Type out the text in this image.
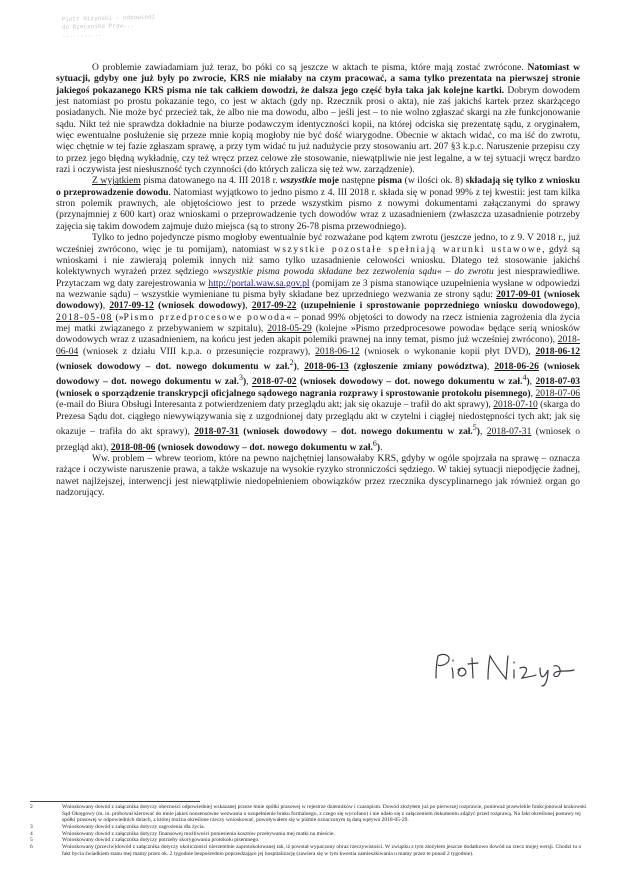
Piotr Niżyński – odpowiedź
do Rzecznika Praw...
...........

O problemie zawiadamiam już teraz, bo póki co są jeszcze w aktach te pisma, które mają zostać zwrócone. Natomiast w sytuacji, gdyby one już były po zwrocie, KRS nie miałaby na czym pracować, a sama tylko prezentata na pierwszej stronie jakiegoś pokazanego KRS pisma nie tak całkiem dowodzi, że dalsza jego część była taka jak kolejne kartki. Dobrym dowodem jest natomiast po prostu pokazanie tego, co jest w aktach (gdy np. Rzecznik prosi o akta), nie zaś jakichś kartek przez skarżącego posiadanych. Nie może być przecież tak, że albo nie ma dowodu, albo – jeśli jest – to nie wolno zgłaszać skargi na złe funkcjonowanie sądu. Nikt też nie sprawdza dokładnie na biurze podawczym identyczności kopii, na której odciska się prezentatę sądu, z oryginałem, więc ewentualne posłużenie się przeze mnie kopią mogłoby nie być dość wiarygodne. Obecnie w aktach widać, co ma iść do zwrotu, więc chętnie w tej fazie zgłaszam sprawę, a przy tym widać tu już nadużycie przy stosowaniu art. 207 §3 k.p.c. Naruszenie przepisu czy to przez jego błędną wykładnię, czy też wręcz przez celowe złe stosowanie, niewątpliwie nie jest legalne, a w tej sytuacji wręcz bardzo razi i oczywista jest niesłuszność tych czynności (do których zalicza się też ww. zarządzenie).

Z wyjątkiem pisma datowanego na 4. III 2018 r. wszystkie moje następne pisma (w ilości ok. 8) składają się tylko z wniosku o przeprowadzenie dowodu. Natomiast wyjątkowo to jedno pismo z 4. III 2018 r. składa się w ponad 99% z tej kwestii: jest tam kilka stron polemik prawnych, ale objętościowo jest to przede wszystkim pismo z nowymi dokumentami załączanymi do sprawy (przynajmniej z 600 kart) oraz wnioskami o przeprowadzenie tych dowodów wraz z uzasadnieniem (zwłaszcza uzasadnienie potrzeby zajęcia się takim dowodem zajmuje dużo miejsca (są to strony 26-78 pisma przewodniego).

Tylko to jedno pojedyncze pismo mogłoby ewentualnie być rozważane pod kątem zwrotu (jeszcze jedno, to z 9. V 2018 r., już wcześniej zwrócono, więc je tu pomijam), natomiast wszystkie pozostałe spełniają warunki ustawowe, gdyż są wnioskami i nie zawierają polemik innych niż samo tylko uzasadnienie celowości wniosku. Dlatego też stosowanie jakichś kolektywnych wyrażeń przez sędziego »wszystkie pisma powoda składane bez zezwolenia sądu« – do zwrotu jest niesprawiedliwe. Przytaczam wg daty zarejestrowania w http://portal.waw.sa.gov.pl (pomijam ze 3 pisma stanowiące uzupełnienia wysłane w odpowiedzi na wezwanie sądu) – wszystkie wymieniane tu pisma były składane bez uprzedniego wezwania ze strony sądu: 2017-09-01 (wniosek dowodowy), 2017-09-12 (wniosek dowodowy), 2017-09-22 (uzupełnienie i sprostowanie poprzedniego wniosku dowodowego), 2018-05-08 (»Pismo przedprocesowe powoda« – ponad 99% objętości to dowody na rzecz istnienia zagrożenia dla życia mej matki związanego z przebywaniem w szpitalu), 2018-05-29 (kolejne »Pismo przedprocesowe powoda« będące serią wniosków dowodowych wraz z uzasadnieniem, na końcu jest jeden akapit polemiki prawnej na inny temat, pismo już wcześniej zwrócono), 2018-06-04 (wniosek z działu VIII k.p.a. o przesunięcie rozprawy), 2018-06-12 (wniosek o wykonanie kopii płyt DVD), 2018-06-12 (wniosek dowodowy – dot. nowego dokumentu w zał.$^2$), 2018-06-13 (zgłoszenie zmiany powództwa), 2018-06-26 (wniosek dowodowy – dot. nowego dokumentu w zał.$^3$), 2018-07-02 (wniosek dowodowy – dot. nowego dokumentu w zał.$^4$), 2018-07-03 (wniosek o sporządzenie transkrypcji oficjalnego sądowego nagrania rozprawy i sprostowanie protokołu pisemnego), 2018-07-06 (e-mail do Biura Obsługi Interesanta z potwierdzeniem daty przeglądu akt; jak się okazuje – trafił do akt sprawy), 2018-07-10 (skarga do Prezesa Sądu dot. ciągłego niewywiązywania się z uzgodnionej daty przeglądu akt w czytelni i ciągłej niedostępności tych akt; jak się okazuje – trafiła do akt sprawy), 2018-07-31 (wniosek dowodowy – dot. nowego dokumentu w zał.$^5$), 2018-07-31 (wniosek o przegląd akt), 2018-08-06 (wniosek dowodowy – dot. nowego dokumentu w zał.$^6$).

Ww. problem – wbrew teoriom, które na pewno najchętniej lansowałaby KRS, gdyby w ogóle spojrzała na sprawę – oznacza rażące i oczywiste naruszenie prawa, a także wskazuje na wysokie ryzyko stronniczości sędziego. W takiej sytuacji niepodjęcie żadnej, nawet najlżejszej, interwencji jest niewątpliwie niedopełnieniem obowiązków przez rzecznika dyscyplinarnego jak również organ go nadzorujący.

Piotr Niżyński
2	Wnioskowany dowód z załącznika dotyczy obecności odpowiedniej wskazanej przeze mnie spółki prasowej w rejestrze dzienników i czasopism. Dowód złożyłem już po pierwszej rozprawie, ponieważ przewlekle funkcjonował krakowski Sąd Okręgowy (m. in. próbował kierować do mnie jakieś nonsensowne wezwania o uzupełnienie braku formalnego, z czego się wycofano) i nie udało się z załączeniem dokumentu zdążyć przed rozprawą. Na fakt określonej postawy tej spółki prasowej w odpowiednich dniach, z której można określone rzeczy wnioskować, powoływałem się w piśmie oznaczonym tą datą wpływu 2018-05-29.
3	Wnioskowany dowód z załącznika dotyczy zagrożenia dla życia.
4	Wnioskowany dowód z załącznika dotyczy finansowej możliwości poniesienia kosztów przebywania mej matki na mieście.
5	Wnioskowany dowód z załącznika dotyczy potrzeby skorygowania protokołu pisemnego.
6	Wnioskowany (przeciw)dowód z załącznika dotyczy okoliczności nierzetelnie zaprotokołowanej tak, iż powstał wypaczony obraz rzeczywistości. W związku z tym złożyłem jeszcze dodatkowo dowód na rzecz mojej wersji. Chodzi tu o fakt bycia świadkiem stanu mej mamy przez ok. 2 tygodnie bezpośrednio poprzedzające jej hospitalizację (zawiera się w tym kwestia zamieszkiwania u mamy przez te ponad 2 tygodnie).
